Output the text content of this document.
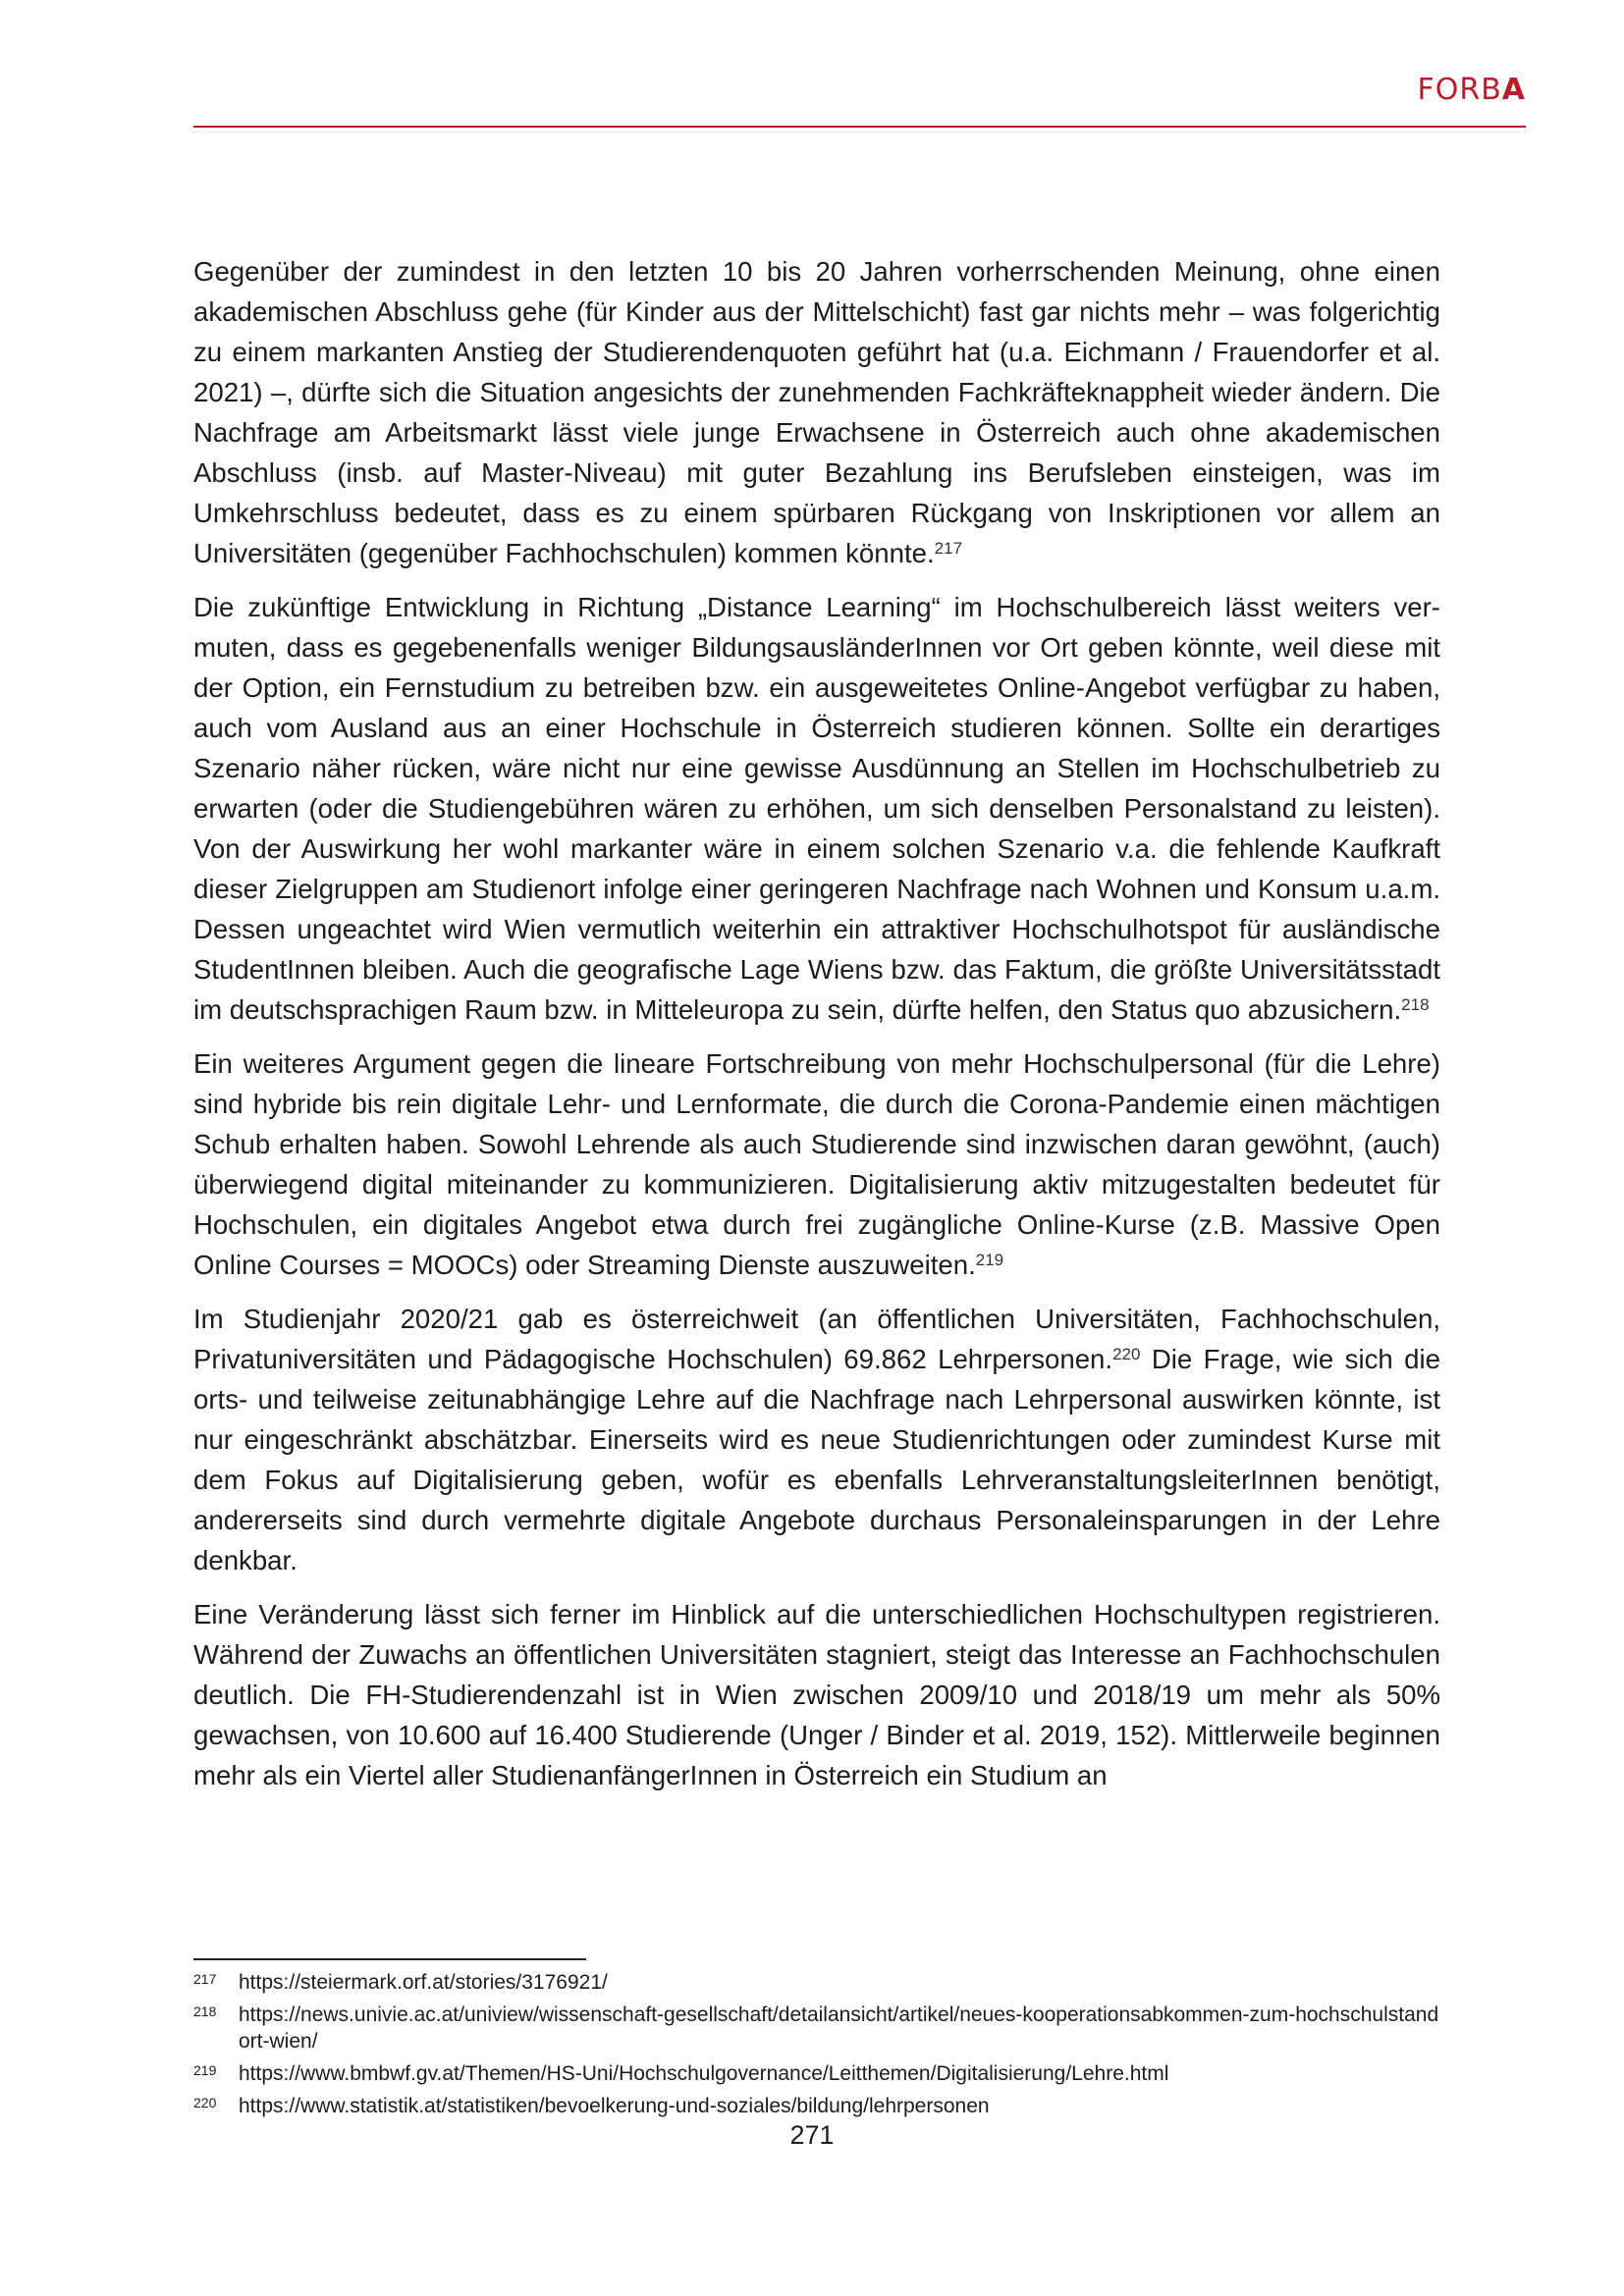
FORBA

Gegenüber der zumindest in den letzten 10 bis 20 Jahren vorherrschenden Meinung, ohne einen akademischen Abschluss gehe (für Kinder aus der Mittelschicht) fast gar nichts mehr – was folgerichtig zu einem markanten Anstieg der Studierendenquoten geführt hat (u.a. Eichmann / Frauendorfer et al. 2021) –, dürfte sich die Situation angesichts der zunehmenden Fachkräfteknappheit wieder ändern. Die Nachfrage am Arbeitsmarkt lässt viele junge Erwachsene in Österreich auch ohne akademischen Abschluss (insb. auf Master-Niveau) mit guter Bezahlung ins Berufsleben einsteigen, was im Umkehrschluss bedeutet, dass es zu einem spürbaren Rückgang von Inskriptionen vor allem an Universitäten (gegenüber Fachhochschulen) kommen könnte.$^{217}$

Die zukünftige Entwicklung in Richtung „Distance Learning“ im Hochschulbereich lässt weiters vermuten, dass es gegebenenfalls weniger BildungsausländerInnen vor Ort geben könnte, weil diese mit der Option, ein Fernstudium zu betreiben bzw. ein ausgeweitetes Online-Angebot verfügbar zu haben, auch vom Ausland aus an einer Hochschule in Österreich studieren können. Sollte ein derartiges Szenario näher rücken, wäre nicht nur eine gewisse Ausdünnung an Stellen im Hochschulbetrieb zu erwarten (oder die Studiengebühren wären zu erhöhen, um sich denselben Personalstand zu leisten). Von der Auswirkung her wohl markanter wäre in einem solchen Szenario v.a. die fehlende Kaufkraft dieser Zielgruppen am Studienort infolge einer geringeren Nachfrage nach Wohnen und Konsum u.a.m. Dessen ungeachtet wird Wien vermutlich weiterhin ein attraktiver Hochschulhotspot für ausländische StudentInnen bleiben. Auch die geografische Lage Wiens bzw. das Faktum, die größte Universitätsstadt im deutschsprachigen Raum bzw. in Mitteleuropa zu sein, dürfte helfen, den Status quo abzusichern.$^{218}$

Ein weiteres Argument gegen die lineare Fortschreibung von mehr Hochschulpersonal (für die Lehre) sind hybride bis rein digitale Lehr- und Lernformate, die durch die Corona-Pandemie einen mächtigen Schub erhalten haben. Sowohl Lehrende als auch Studierende sind inzwischen daran gewöhnt, (auch) überwiegend digital miteinander zu kommunizieren. Digitalisierung aktiv mitzugestalten bedeutet für Hochschulen, ein digitales Angebot etwa durch frei zugängliche Online-Kurse (z.B. Massive Open Online Courses = MOOCs) oder Streaming Dienste auszuweiten.$^{219}$

Im Studienjahr 2020/21 gab es österreichweit (an öffentlichen Universitäten, Fachhochschulen, Privatuniversitäten und Pädagogische Hochschulen) 69.862 Lehrpersonen.$^{220}$ Die Frage, wie sich die orts- und teilweise zeitunabhängige Lehre auf die Nachfrage nach Lehrpersonal auswirken könnte, ist nur eingeschränkt abschätzbar. Einerseits wird es neue Studienrichtungen oder zumindest Kurse mit dem Fokus auf Digitalisierung geben, wofür es ebenfalls LehrveranstaltungsleiterInnen benötigt, andererseits sind durch vermehrte digitale Angebote durchaus Personaleinsparungen in der Lehre denkbar.

Eine Veränderung lässt sich ferner im Hinblick auf die unterschiedlichen Hochschultypen registrieren. Während der Zuwachs an öffentlichen Universitäten stagniert, steigt das Interesse an Fachhochschulen deutlich. Die FH-Studierendenzahl ist in Wien zwischen 2009/10 und 2018/19 um mehr als 50% gewachsen, von 10.600 auf 16.400 Studierende (Unger / Binder et al. 2019, 152). Mittlerweile beginnen mehr als ein Viertel aller StudienanfängerInnen in Österreich ein Studium an

217	https://steiermark.orf.at/stories/3176921/
218	https://news.univie.ac.at/uniview/wissenschaft-gesellschaft/detailansicht/artikel/neues-kooperationsabkommen-zum-hochschulstandort-wien/
219	https://www.bmbwf.gv.at/Themen/HS-Uni/Hochschulgovernance/Leitthemen/Digitalisierung/Lehre.html
220	https://www.statistik.at/statistiken/bevoelkerung-und-soziales/bildung/lehrpersonen
271
